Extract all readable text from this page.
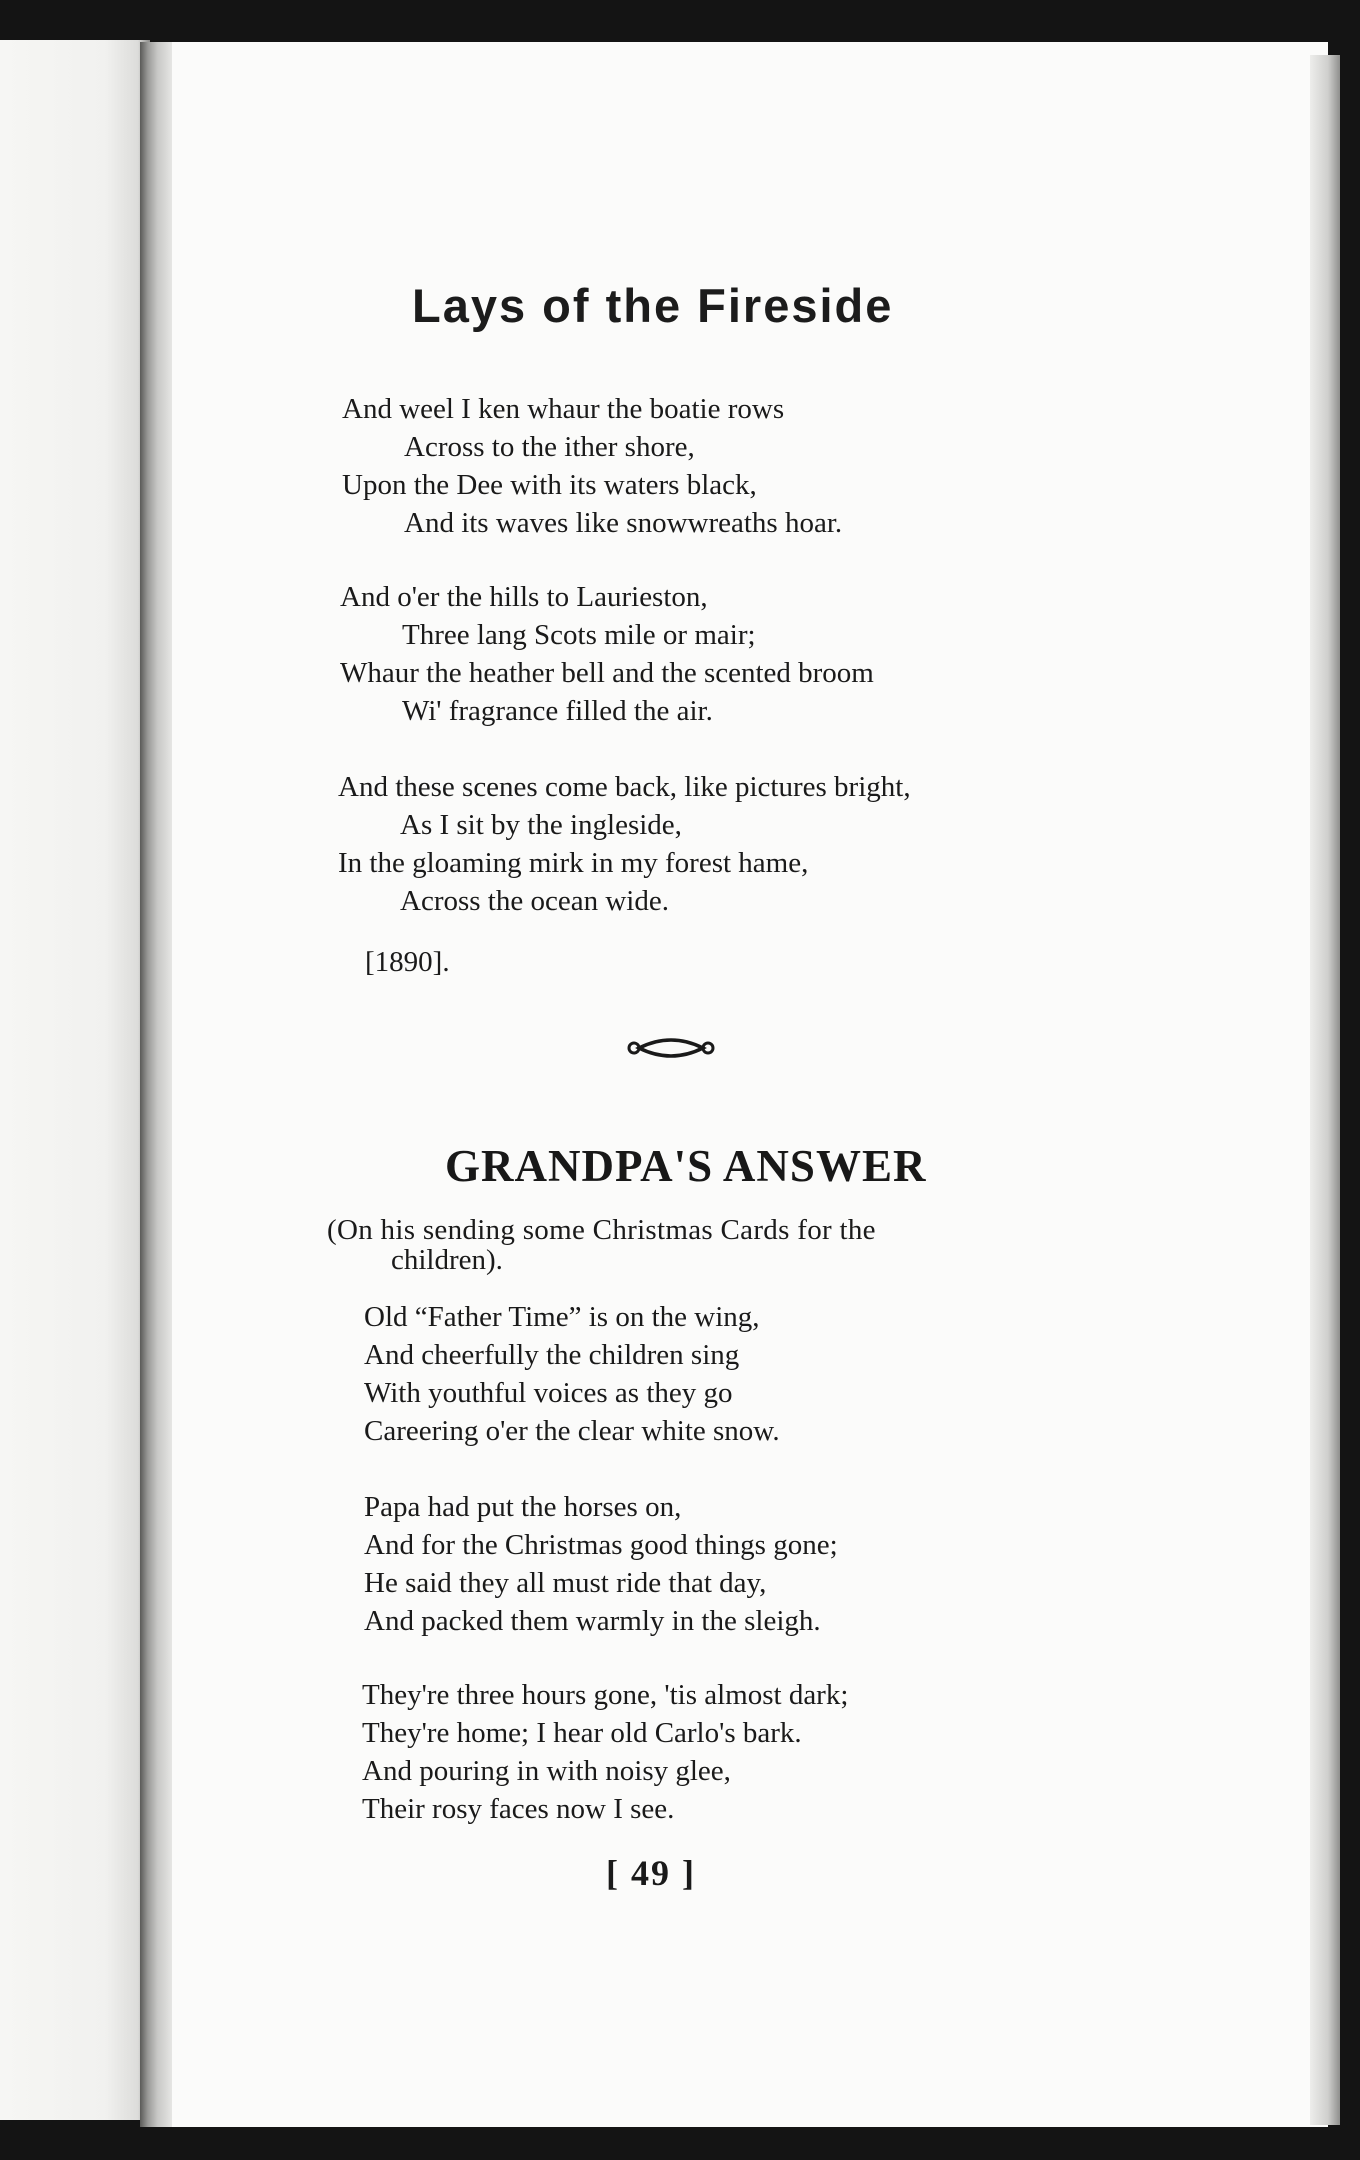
Lays of the Fireside
And weel I ken whaur the boatie rows
Across to the ither shore,
Upon the Dee with its waters black,
And its waves like snowwreaths hoar.
And o'er the hills to Laurieston,
Three lang Scots mile or mair;
Whaur the heather bell and the scented broom
Wi' fragrance filled the air.
And these scenes come back, like pictures bright,
As I sit by the ingleside,
In the gloaming mirk in my forest hame,
Across the ocean wide.
[1890].
GRANDPA'S ANSWER
(On his sending some Christmas Cards for the
children).
Old “Father Time” is on the wing,
And cheerfully the children sing
With youthful voices as they go
Careering o'er the clear white snow.
Papa had put the horses on,
And for the Christmas good things gone;
He said they all must ride that day,
And packed them warmly in the sleigh.
They're three hours gone, 'tis almost dark;
They're home; I hear old Carlo's bark.
And pouring in with noisy glee,
Their rosy faces now I see.
[ 49 ]
